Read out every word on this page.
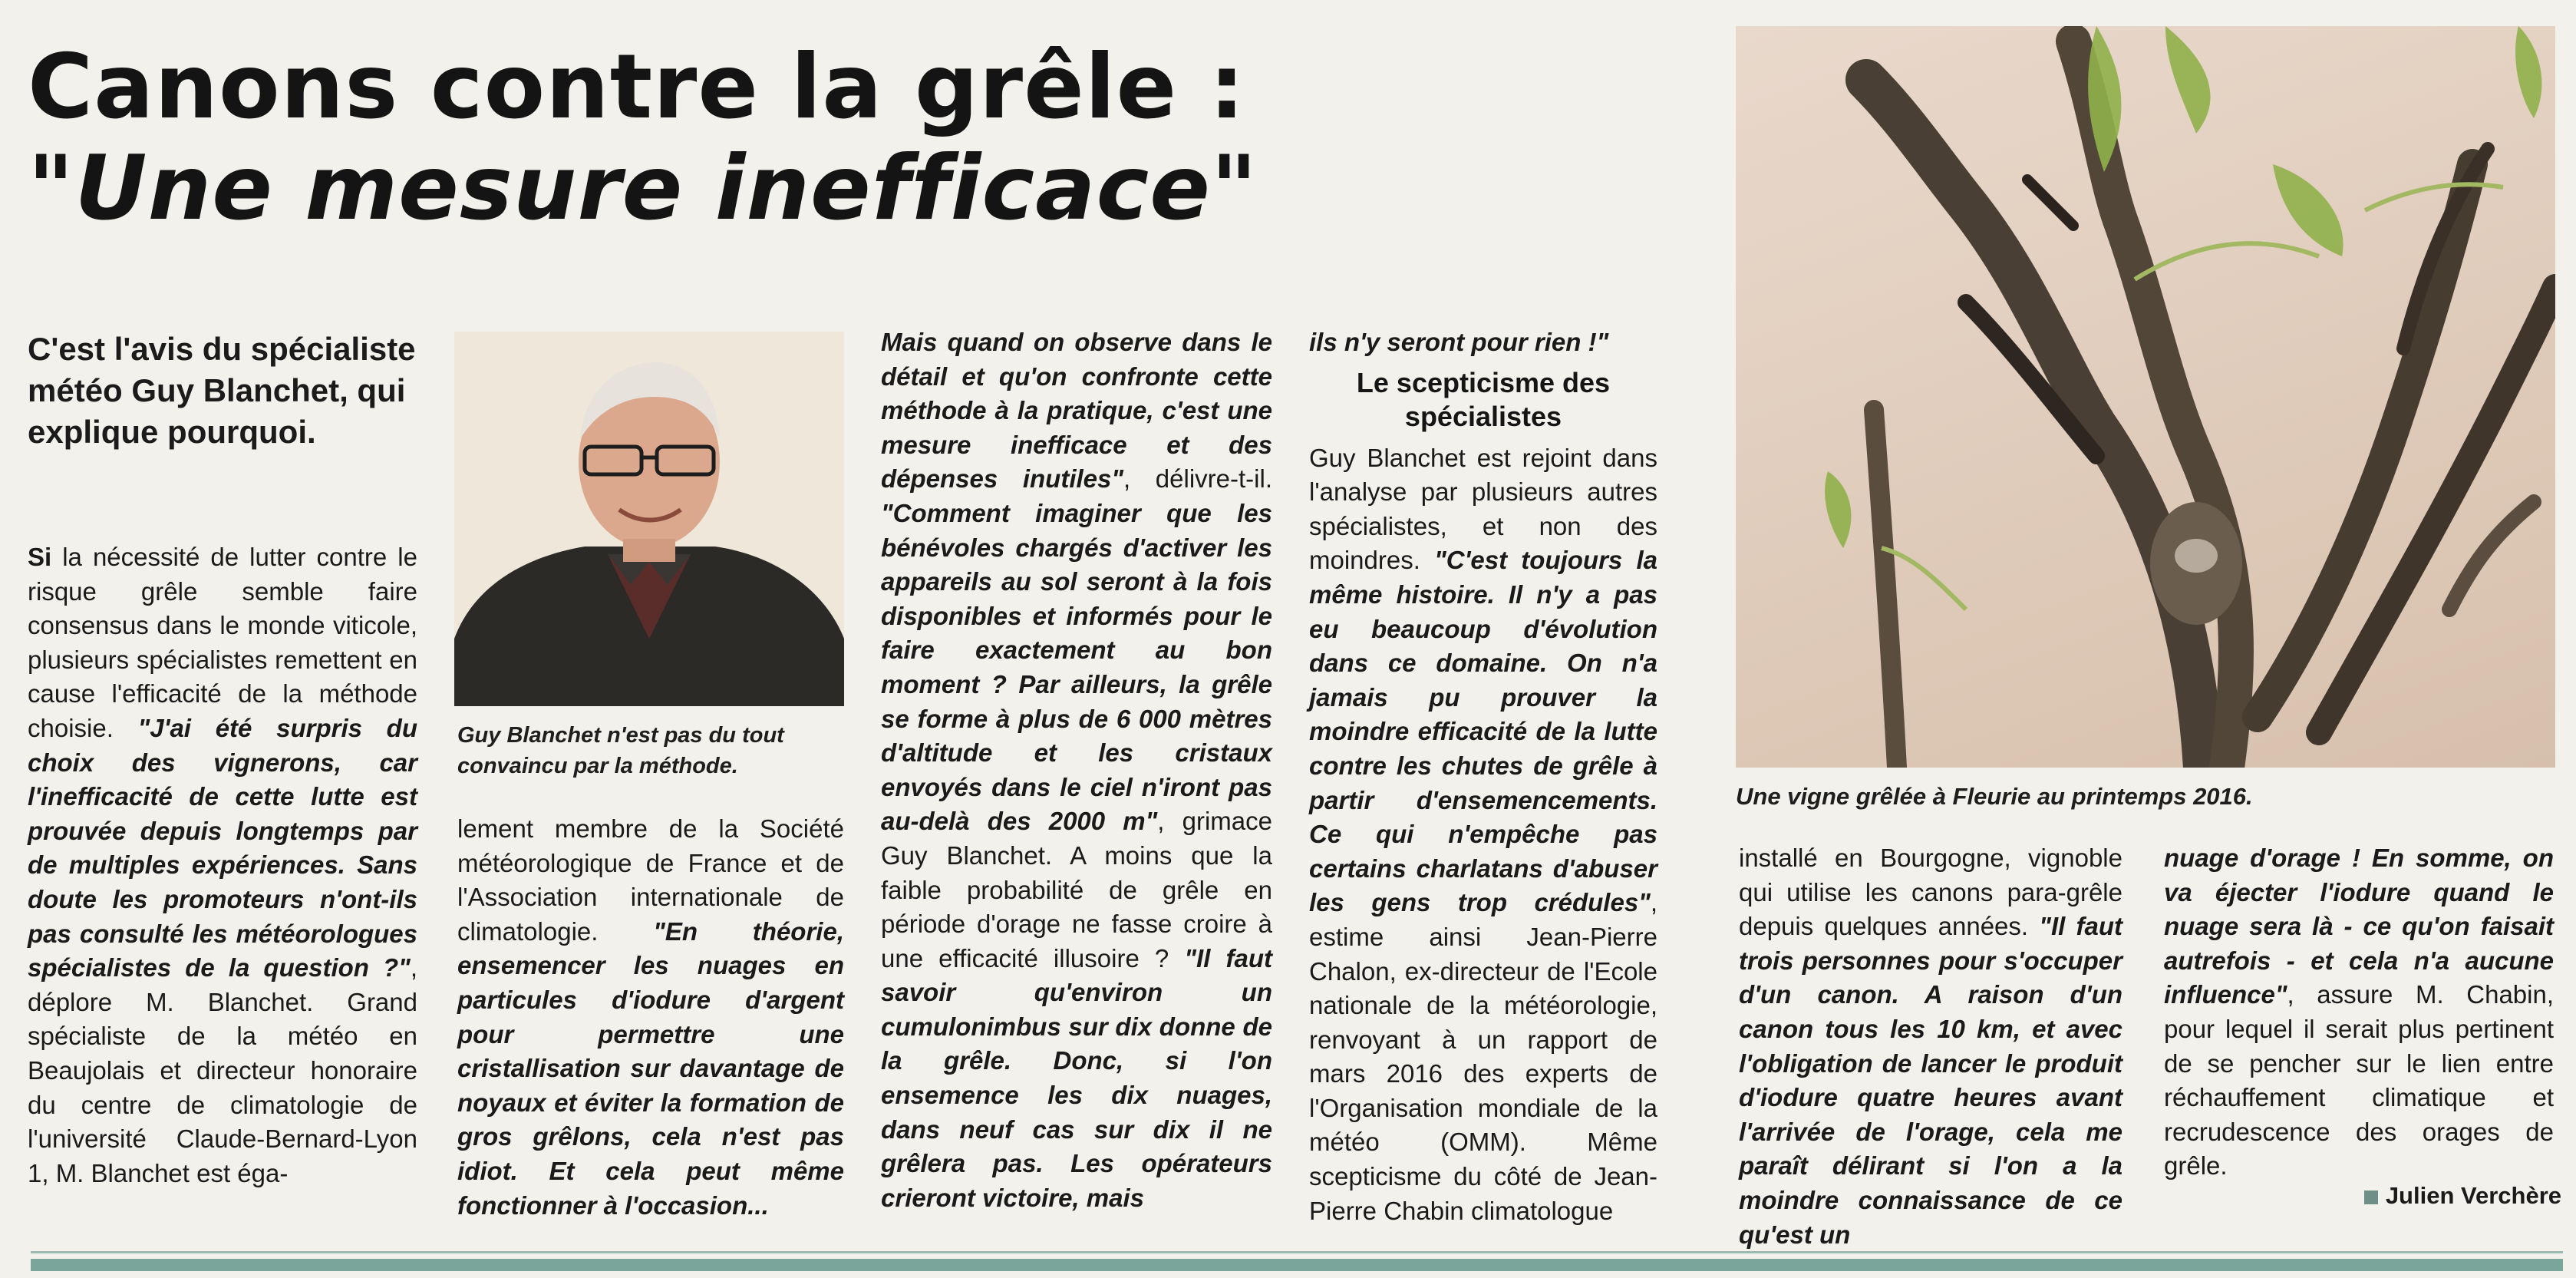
Canons contre la grêle :
"Une mesure inefficace"
Une vigne grêlée à Fleurie au printemps 2016.
C'est l'avis du spécialiste météo Guy Blanchet, qui explique pourquoi.
Guy Blanchet n'est pas du tout convaincu par la méthode.

Si la nécessité de lutter contre le risque grêle semble faire consensus dans le monde viticole, plusieurs spécialistes remettent en cause l'efficacité de la méthode choisie. "J'ai été surpris du choix des vignerons, car l'inefficacité de cette lutte est prouvée depuis longtemps par de multiples expériences. Sans doute les promoteurs n'ont-ils pas consulté les météorologues spécialistes de la question ?", déplore M. Blanchet. Grand spécialiste de la météo en Beaujolais et directeur honoraire du centre de climatologie de l'université Claude-Bernard-Lyon 1, M. Blanchet est éga-

lement membre de la Société météorologique de France et de l'Association internationale de climatologie. "En théorie, ensemencer les nuages en particules d'iodure d'argent pour permettre une cristallisation sur davantage de noyaux et éviter la formation de gros grêlons, cela n'est pas idiot. Et cela peut même fonctionner à l'occasion...

Mais quand on observe dans le détail et qu'on confronte cette méthode à la pratique, c'est une mesure inefficace et des dépenses inutiles", délivre-t-il. "Comment imaginer que les bénévoles chargés d'activer les appareils au sol seront à la fois disponibles et informés pour le faire exactement au bon moment ? Par ailleurs, la grêle se forme à plus de 6 000 mètres d'altitude et les cristaux envoyés dans le ciel n'iront pas au-delà des 2000 m", grimace Guy Blanchet. A moins que la faible probabilité de grêle en période d'orage ne fasse croire à une efficacité illusoire ? "Il faut savoir qu'environ un cumulonimbus sur dix donne de la grêle. Donc, si l'on ensemence les dix nuages, dans neuf cas sur dix il ne grêlera pas. Les opérateurs crieront victoire, mais

ils n'y seront pour rien !"

Le scepticisme des spécialistes

Guy Blanchet est rejoint dans l'analyse par plusieurs autres spécialistes, et non des moindres. "C'est toujours la même histoire. Il n'y a pas eu beaucoup d'évolution dans ce domaine. On n'a jamais pu prouver la moindre efficacité de la lutte contre les chutes de grêle à partir d'ensemencements. Ce qui n'empêche pas certains charlatans d'abuser les gens trop crédules", estime ainsi Jean-Pierre Chalon, ex-directeur de l'Ecole nationale de la météorologie, renvoyant à un rapport de mars 2016 des experts de l'Organisation mondiale de la météo (OMM). Même scepticisme du côté de Jean-Pierre Chabin climatologue

installé en Bourgogne, vignoble qui utilise les canons para-grêle depuis quelques années. "Il faut trois personnes pour s'occuper d'un canon. A raison d'un canon tous les 10 km, et avec l'obligation de lancer le produit d'iodure quatre heures avant l'arrivée de l'orage, cela me paraît délirant si l'on a la moindre connaissance de ce qu'est un

nuage d'orage ! En somme, on va éjecter l'iodure quand le nuage sera là - ce qu'on faisait autrefois - et cela n'a aucune influence", assure M. Chabin, pour lequel il serait plus pertinent de se pencher sur le lien entre réchauffement climatique et recrudescence des orages de grêle.

Julien Verchère
